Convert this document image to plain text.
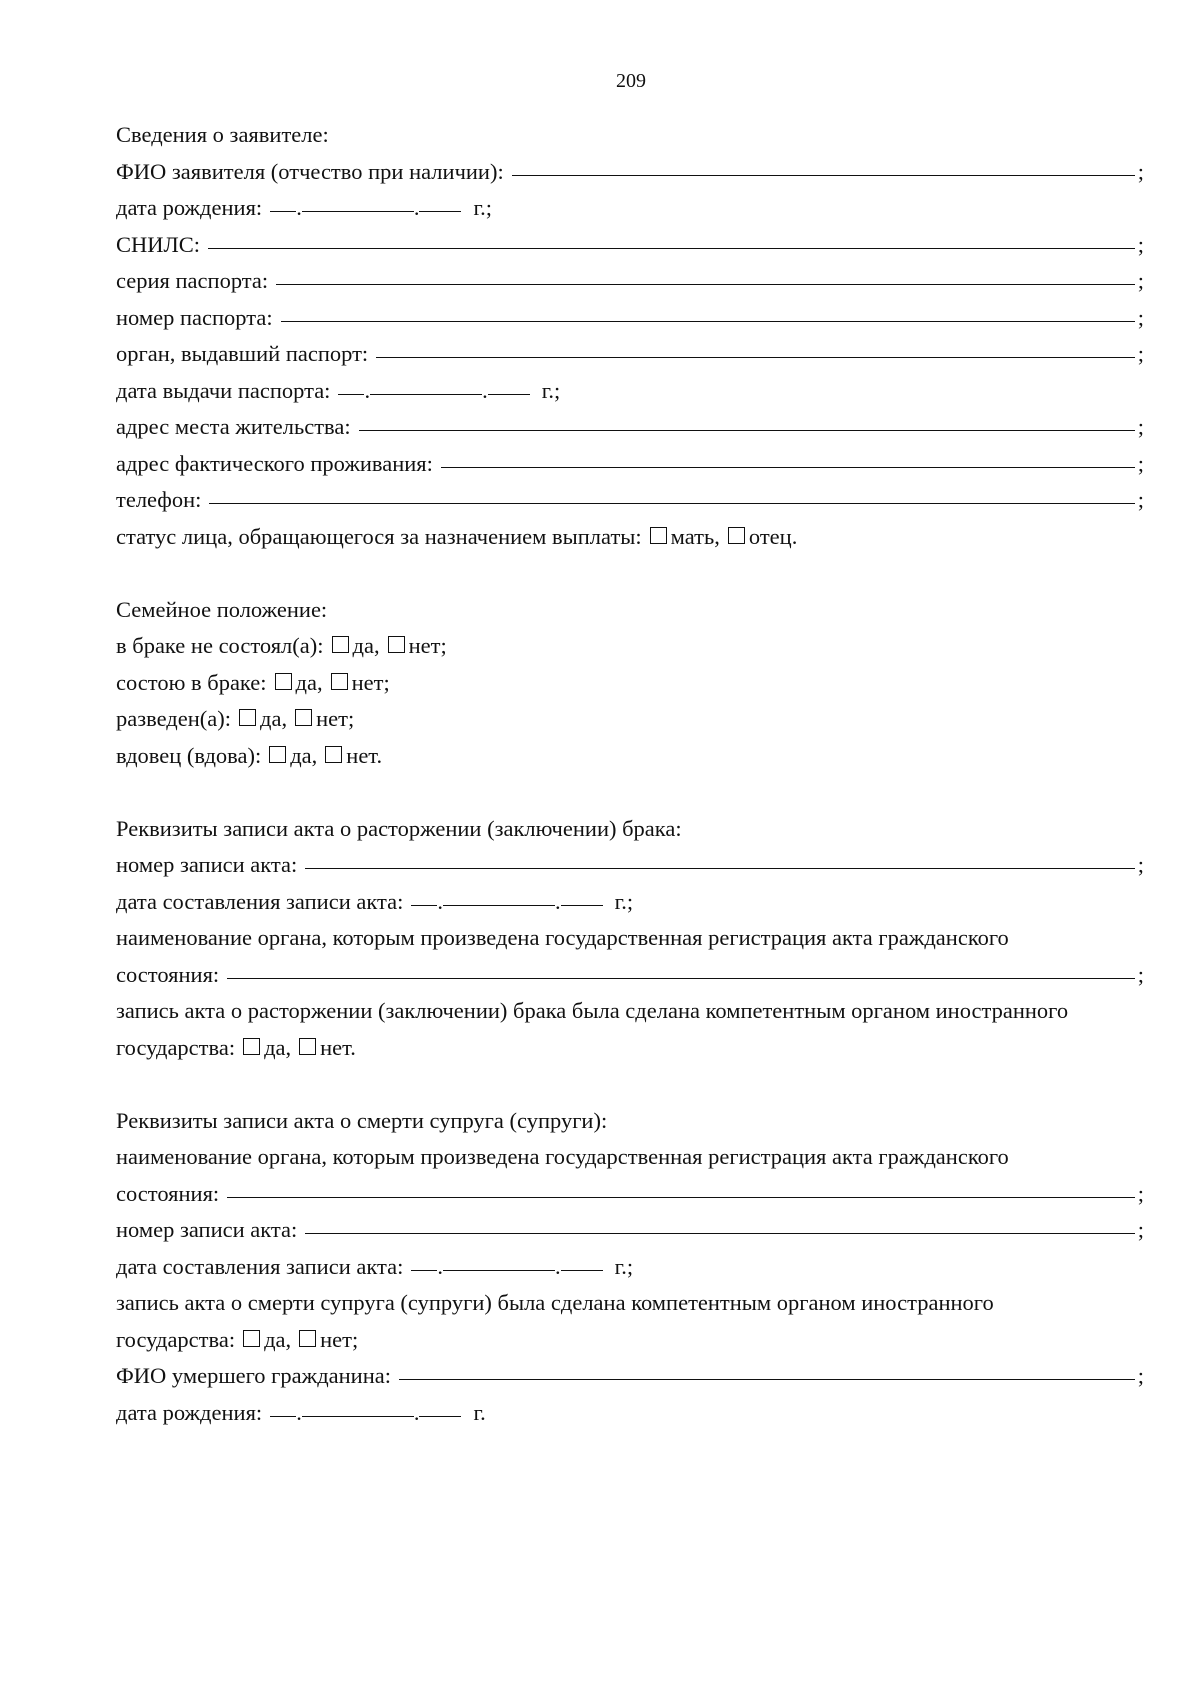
209
Сведения о заявителе:
ФИО заявителя (отчество при наличии):	;
дата рождения: .	. г.;
СНИЛС:	;
серия паспорта:	;
номер паспорта:	;
орган, выдавший паспорт:	;
дата выдачи паспорта: .	. г.;
адрес места жительства:	;
адрес фактического проживания:	;
телефон:	;
статус лица, обращающегося за назначением выплаты: мать, отец.
Семейное положение:
в браке не состоял(а): да, нет;
состою в браке: да, нет;
разведен(а): да, нет;
вдовец (вдова): да, нет.
Реквизиты записи акта о расторжении (заключении) брака:
номер записи акта:	;
дата составления записи акта: .	. г.;
наименование органа, которым произведена государственная регистрация акта гражданского
состояния:	;
запись акта о расторжении (заключении) брака была сделана компетентным органом иностранного
государства: да, нет.
Реквизиты записи акта о смерти супруга (супруги):
наименование органа, которым произведена государственная регистрация акта гражданского
состояния:	;
номер записи акта:	;
дата составления записи акта: .	. г.;
запись акта о смерти супруга (супруги) была сделана компетентным органом иностранного
государства: да, нет;
ФИО умершего гражданина:	;
дата рождения: .	. г.
